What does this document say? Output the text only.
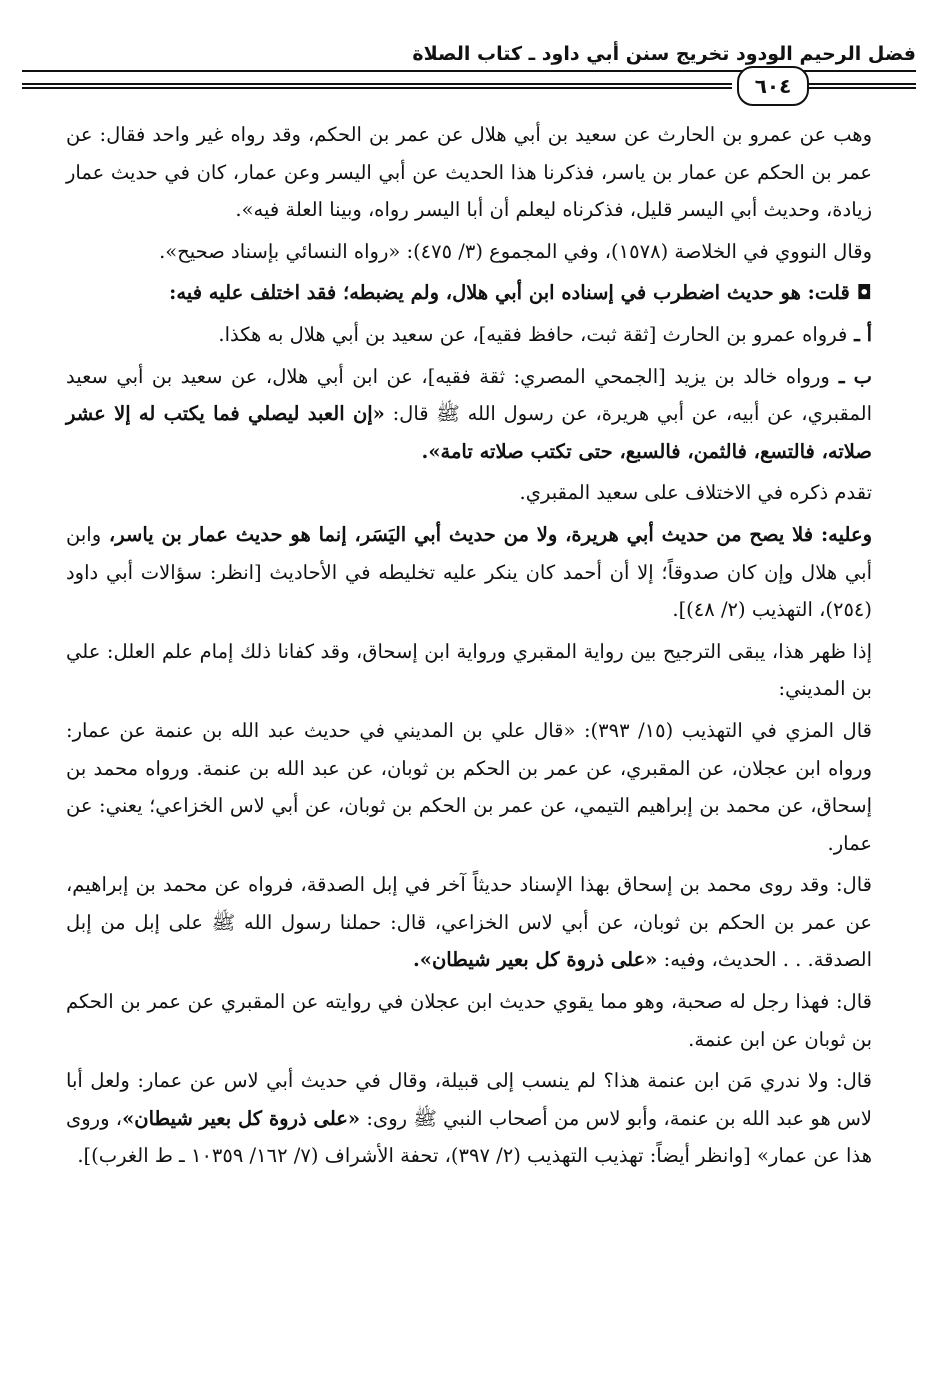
فضل الرحيم الودود تخريج سنن أبي داود ـ كتاب الصلاة
٦٠٤

وهب عن عمرو بن الحارث عن سعيد بن أبي هلال عن عمر بن الحكم، وقد رواه غير واحد فقال: عن عمر بن الحكم عن عمار بن ياسر، فذكرنا هذا الحديث عن أبي اليسر وعن عمار، كان في حديث عمار زيادة، وحديث أبي اليسر قليل، فذكرناه ليعلم أن أبا اليسر رواه، وبينا العلة فيه».

وقال النووي في الخلاصة (١٥٧٨)، وفي المجموع (٣/ ٤٧٥): «رواه النسائي بإسناد صحيح».

◘ قلت: هو حديث اضطرب في إسناده ابن أبي هلال، ولم يضبطه؛ فقد اختلف عليه فيه:

أ ـ فرواه عمرو بن الحارث [ثقة ثبت، حافظ فقيه]، عن سعيد بن أبي هلال به هكذا.

ب ـ ورواه خالد بن يزيد [الجمحي المصري: ثقة فقيه]، عن ابن أبي هلال، عن سعيد بن أبي سعيد المقبري، عن أبيه، عن أبي هريرة، عن رسول الله ﷺ قال: «إن العبد ليصلي فما يكتب له إلا عشر صلاته، فالتسع، فالثمن، فالسبع، حتى تكتب صلاته تامة».

تقدم ذكره في الاختلاف على سعيد المقبري.

وعليه: فلا يصح من حديث أبي هريرة، ولا من حديث أبي اليَسَر، إنما هو حديث عمار بن ياسر، وابن أبي هلال وإن كان صدوقاً؛ إلا أن أحمد كان ينكر عليه تخليطه في الأحاديث [انظر: سؤالات أبي داود (٢٥٤)، التهذيب (٢/ ٤٨)].

إذا ظهر هذا، يبقى الترجيح بين رواية المقبري ورواية ابن إسحاق، وقد كفانا ذلك إمام علم العلل: علي بن المديني:

قال المزي في التهذيب (١٥/ ٣٩٣): «قال علي بن المديني في حديث عبد الله بن عنمة عن عمار: ورواه ابن عجلان، عن المقبري، عن عمر بن الحكم بن ثوبان، عن عبد الله بن عنمة. ورواه محمد بن إسحاق، عن محمد بن إبراهيم التيمي، عن عمر بن الحكم بن ثوبان، عن أبي لاس الخزاعي؛ يعني: عن عمار.

قال: وقد روى محمد بن إسحاق بهذا الإسناد حديثاً آخر في إبل الصدقة، فرواه عن محمد بن إبراهيم، عن عمر بن الحكم بن ثوبان، عن أبي لاس الخزاعي، قال: حملنا رسول الله ﷺ على إبل من إبل الصدقة. . . الحديث، وفيه: «على ذروة كل بعير شيطان».

قال: فهذا رجل له صحبة، وهو مما يقوي حديث ابن عجلان في روايته عن المقبري عن عمر بن الحكم بن ثوبان عن ابن عنمة.

قال: ولا ندري مَن ابن عنمة هذا؟ لم ينسب إلى قبيلة، وقال في حديث أبي لاس عن عمار: ولعل أبا لاس هو عبد الله بن عنمة، وأبو لاس من أصحاب النبي ﷺ روى: «على ذروة كل بعير شيطان»، وروى هذا عن عمار» [وانظر أيضاً: تهذيب التهذيب (٢/ ٣٩٧)، تحفة الأشراف (٧/ ١٦٢/ ١٠٣٥٩ ـ ط الغرب)].
